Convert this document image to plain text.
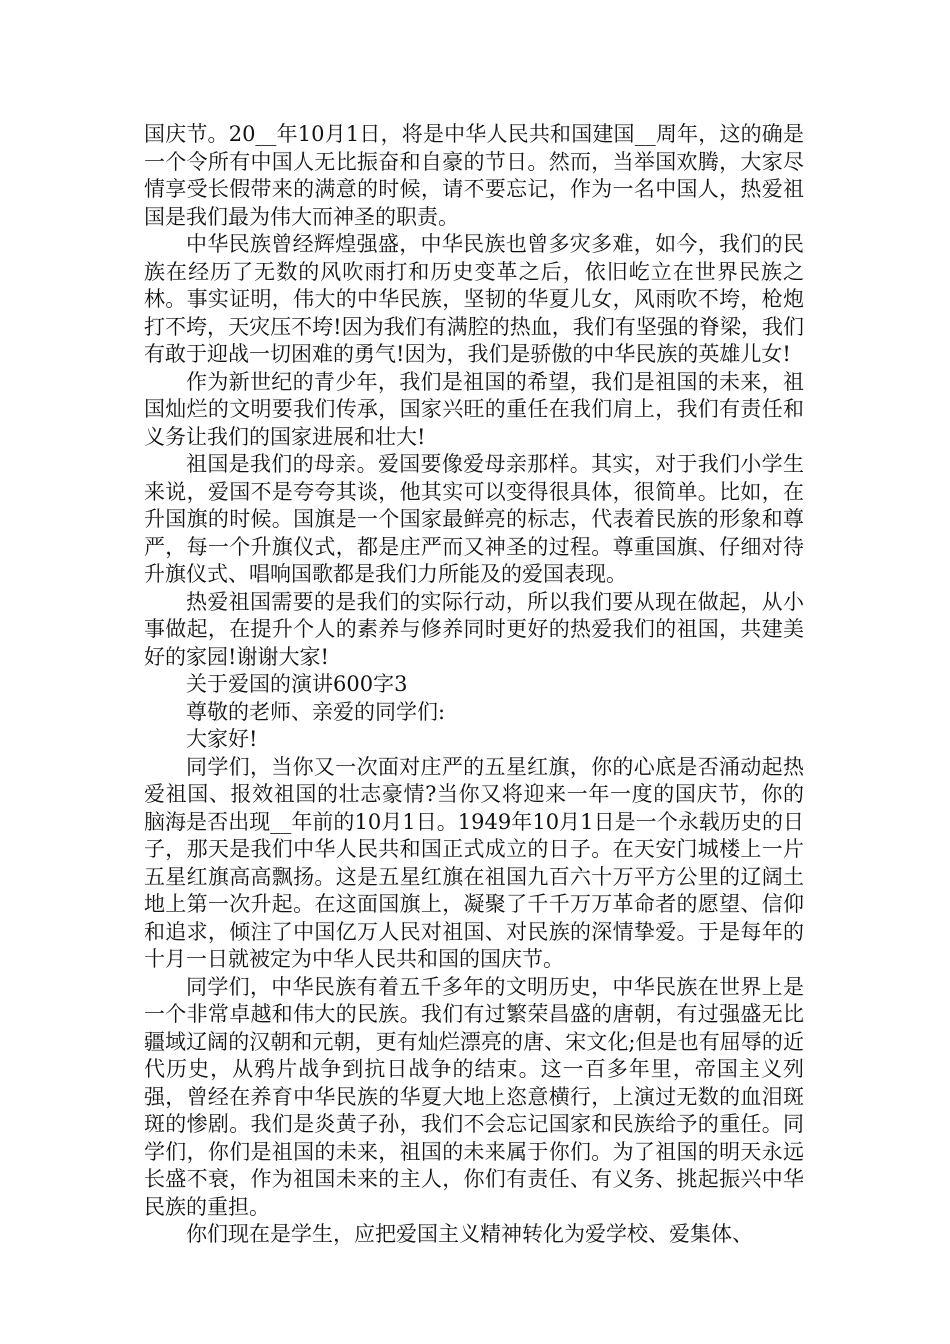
国庆节。20__年10月1日，将是中华人民共和国建国__周年，这的确是一个令所有中国人无比振奋和自豪的节日。然而，当举国欢腾，大家尽情享受长假带来的满意的时候，请不要忘记，作为一名中国人，热爱祖国是我们最为伟大而神圣的职责。

中华民族曾经辉煌强盛，中华民族也曾多灾多难，如今，我们的民族在经历了无数的风吹雨打和历史变革之后，依旧屹立在世界民族之林。事实证明，伟大的中华民族，坚韧的华夏儿女，风雨吹不垮，枪炮打不垮，天灾压不垮!因为我们有满腔的热血，我们有坚强的脊梁，我们有敢于迎战一切困难的勇气!因为，我们是骄傲的中华民族的英雄儿女!

作为新世纪的青少年，我们是祖国的希望，我们是祖国的未来，祖国灿烂的文明要我们传承，国家兴旺的重任在我们肩上，我们有责任和义务让我们的国家进展和壮大!

祖国是我们的母亲。爱国要像爱母亲那样。其实，对于我们小学生来说，爱国不是夸夸其谈，他其实可以变得很具体，很简单。比如，在升国旗的时候。国旗是一个国家最鲜亮的标志，代表着民族的形象和尊严，每一个升旗仪式，都是庄严而又神圣的过程。尊重国旗、仔细对待升旗仪式、唱响国歌都是我们力所能及的爱国表现。

热爱祖国需要的是我们的实际行动，所以我们要从现在做起，从小事做起，在提升个人的素养与修养同时更好的热爱我们的祖国，共建美好的家园!谢谢大家!

关于爱国的演讲600字3

尊敬的老师、亲爱的同学们:

大家好!

同学们，当你又一次面对庄严的五星红旗，你的心底是否涌动起热爱祖国、报效祖国的壮志豪情?当你又将迎来一年一度的国庆节，你的脑海是否出现__年前的10月1日。1949年10月1日是一个永载历史的日子，那天是我们中华人民共和国正式成立的日子。在天安门城楼上一片五星红旗高高飘扬。这是五星红旗在祖国九百六十万平方公里的辽阔土地上第一次升起。在这面国旗上，凝聚了千千万万革命者的愿望、信仰和追求，倾注了中国亿万人民对祖国、对民族的深情挚爱。于是每年的十月一日就被定为中华人民共和国的国庆节。

同学们，中华民族有着五千多年的文明历史，中华民族在世界上是一个非常卓越和伟大的民族。我们有过繁荣昌盛的唐朝，有过强盛无比疆域辽阔的汉朝和元朝，更有灿烂漂亮的唐、宋文化;但是也有屈辱的近代历史，从鸦片战争到抗日战争的结束。这一百多年里，帝国主义列强，曾经在养育中华民族的华夏大地上恣意横行，上演过无数的血泪斑斑的惨剧。我们是炎黄子孙，我们不会忘记国家和民族给予的重任。同学们，你们是祖国的未来，祖国的未来属于你们。为了祖国的明天永远长盛不衰，作为祖国未来的主人，你们有责任、有义务、挑起振兴中华民族的重担。

你们现在是学生，应把爱国主义精神转化为爱学校、爱集体、
